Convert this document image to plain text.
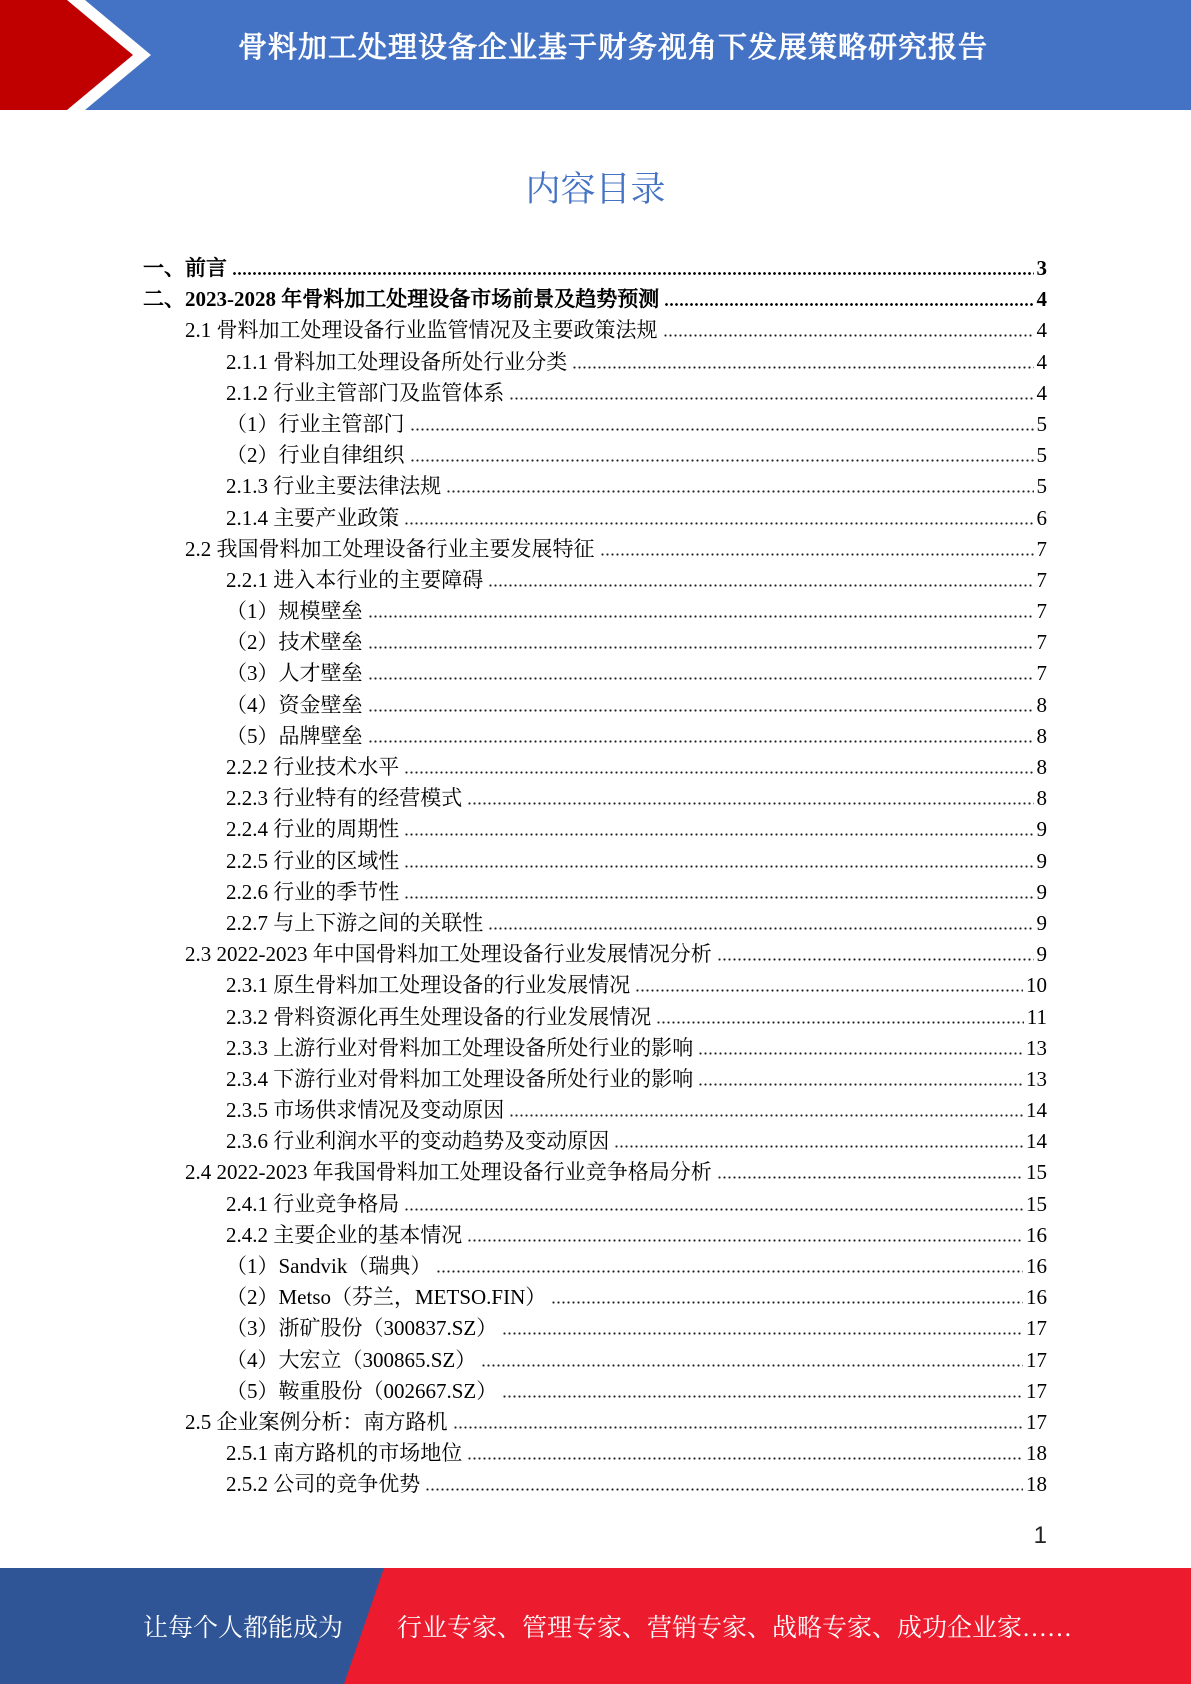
骨料加工处理设备企业基于财务视角下发展策略研究报告
内容目录
一、前言	3
二、2023-2028 年骨料加工处理设备市场前景及趋势预测	4
2.1 骨料加工处理设备行业监管情况及主要政策法规	4
2.1.1 骨料加工处理设备所处行业分类	4
2.1.2 行业主管部门及监管体系	4
（1）行业主管部门	5
（2）行业自律组织	5
2.1.3 行业主要法律法规	5
2.1.4 主要产业政策	6
2.2 我国骨料加工处理设备行业主要发展特征	7
2.2.1 进入本行业的主要障碍	7
（1）规模壁垒	7
（2）技术壁垒	7
（3）人才壁垒	7
（4）资金壁垒	8
（5）品牌壁垒	8
2.2.2 行业技术水平	8
2.2.3 行业特有的经营模式	8
2.2.4 行业的周期性	9
2.2.5 行业的区域性	9
2.2.6 行业的季节性	9
2.2.7 与上下游之间的关联性	9
2.3 2022-2023 年中国骨料加工处理设备行业发展情况分析	9
2.3.1 原生骨料加工处理设备的行业发展情况	10
2.3.2 骨料资源化再生处理设备的行业发展情况	11
2.3.3 上游行业对骨料加工处理设备所处行业的影响	13
2.3.4 下游行业对骨料加工处理设备所处行业的影响	13
2.3.5 市场供求情况及变动原因	14
2.3.6 行业利润水平的变动趋势及变动原因	14
2.4 2022-2023 年我国骨料加工处理设备行业竞争格局分析	15
2.4.1 行业竞争格局	15
2.4.2 主要企业的基本情况	16
（1）Sandvik（瑞典）	16
（2）Metso（芬兰，METSO.FIN）	16
（3）浙矿股份（300837.SZ）	17
（4）大宏立（300865.SZ）	17
（5）鞍重股份（002667.SZ）	17
2.5 企业案例分析：南方路机	17
2.5.1 南方路机的市场地位	18
2.5.2 公司的竞争优势	18
1
让每个人都能成为 行业专家、管理专家、营销专家、战略专家、成功企业家……
